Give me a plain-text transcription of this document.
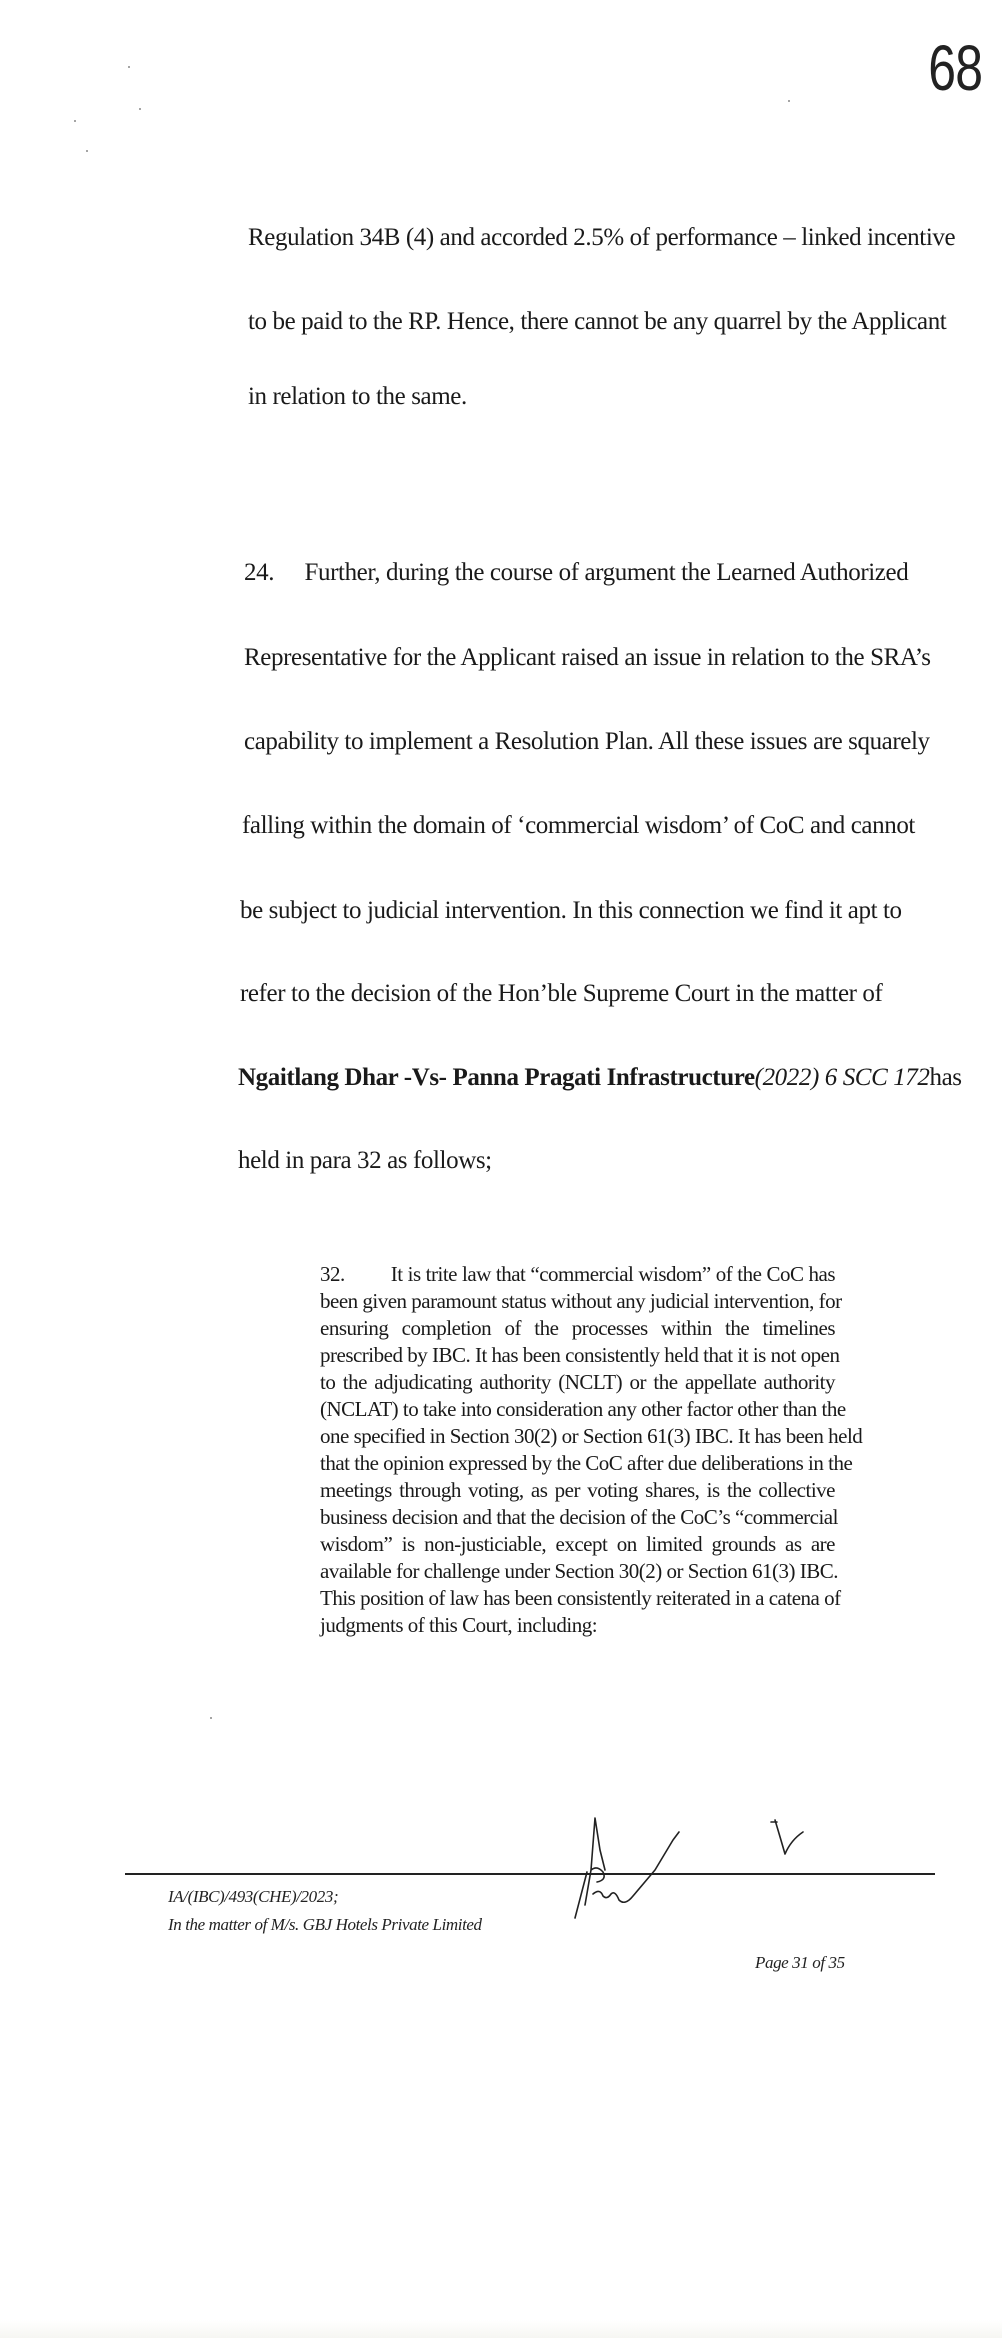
68
Regulation 34B (4) and accorded 2.5% of performance – linked incentive
to be paid to the RP. Hence, there cannot be any quarrel by the Applicant
in relation to the same.
24.  Further, during the course of argument the Learned Authorized
Representative for the Applicant raised an issue in relation to the SRA’s
capability to implement a Resolution Plan. All these issues are squarely
falling within the domain of ‘commercial wisdom’ of CoC and cannot
be subject to judicial intervention. In this connection we find it apt to
refer to the decision of the Hon’ble Supreme Court in the matter of
Ngaitlang Dhar -Vs- Panna Pragati Infrastructure (2022) 6 SCC 172 has
held in para 32 as follows;
32.   It is trite law that “commercial wisdom” of the CoC has
been given paramount status without any judicial intervention, for
ensuring completion of the processes within the timelines
prescribed by IBC. It has been consistently held that it is not open
to the adjudicating authority (NCLT) or the appellate authority
(NCLAT) to take into consideration any other factor other than the
one specified in Section 30(2) or Section 61(3) IBC. It has been held
that the opinion expressed by the CoC after due deliberations in the
meetings through voting, as per voting shares, is the collective
business decision and that the decision of the CoC’s “commercial
wisdom” is non-justiciable, except on limited grounds as are
available for challenge under Section 30(2) or Section 61(3) IBC.
This position of law has been consistently reiterated in a catena of
judgments of this Court, including:
IA/(IBC)/493(CHE)/2023;
In the matter of M/s. GBJ Hotels Private Limited
Page 31 of 35
